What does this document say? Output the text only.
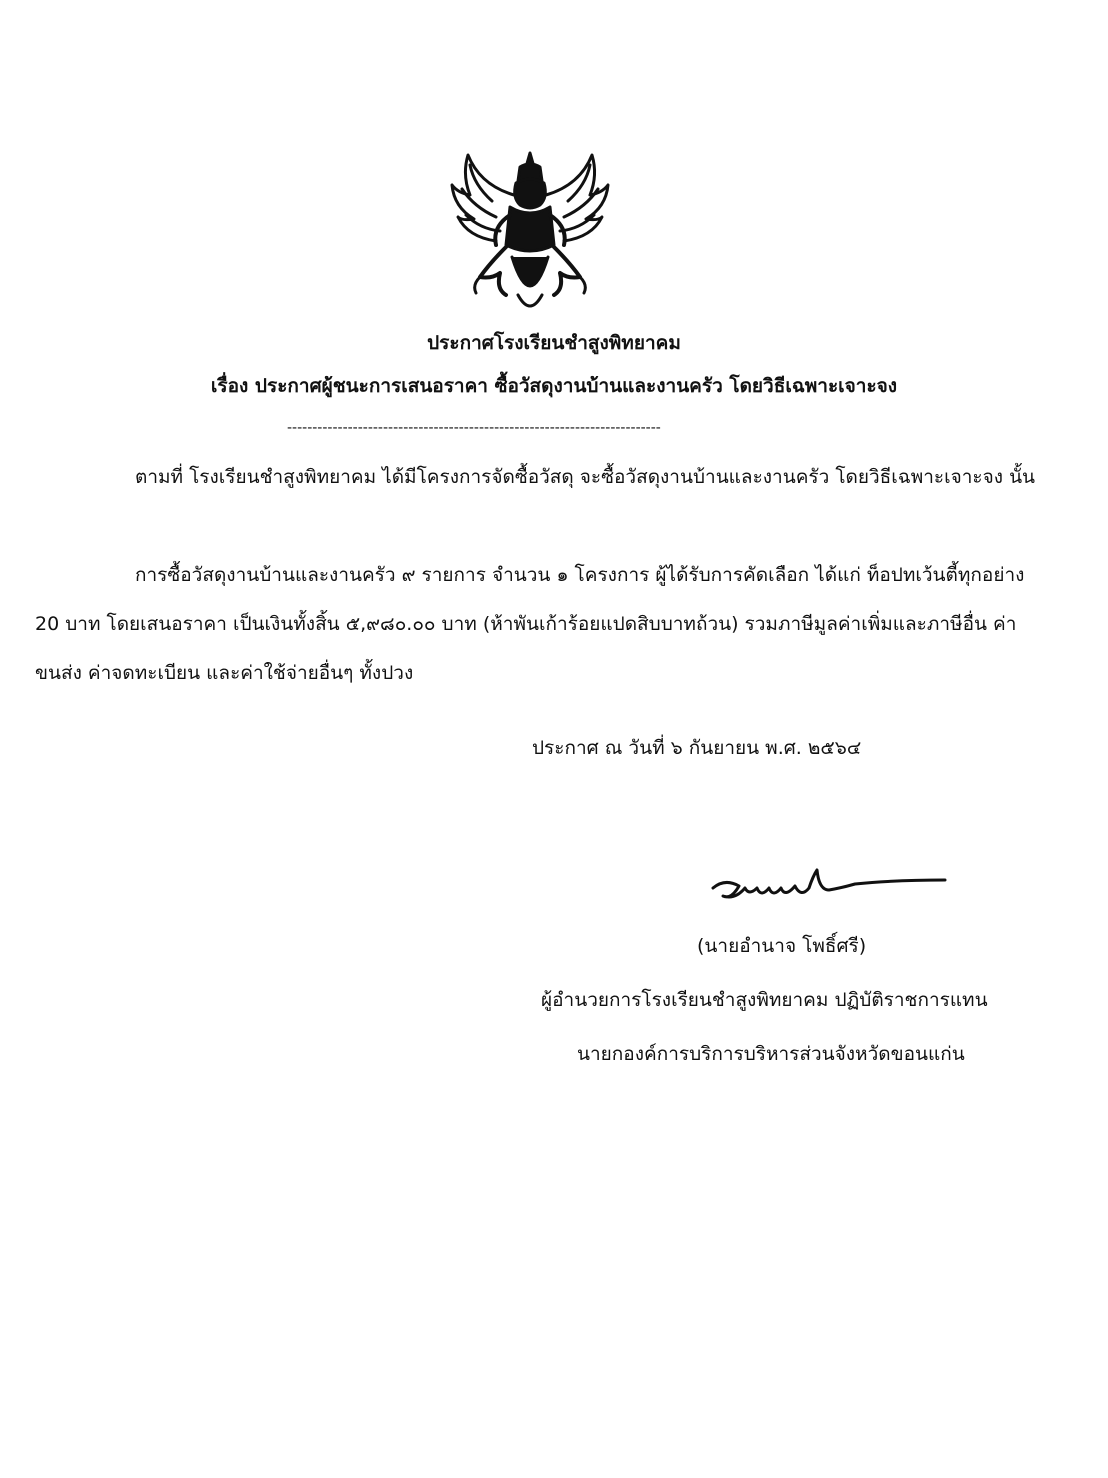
ประกาศโรงเรียนชำสูงพิทยาคม
เรื่อง ประกาศผู้ชนะการเสนอราคา ซื้อวัสดุงานบ้านและงานครัว โดยวิธีเฉพาะเจาะจง
--------------------------------------------------------------------------
ตามที่ โรงเรียนชำสูงพิทยาคม ได้มีโครงการจัดซื้อวัสดุ จะซื้อวัสดุงานบ้านและงานครัว โดยวิธีเฉพาะเจาะจง นั้น
การซื้อวัสดุงานบ้านและงานครัว ๙ รายการ จำนวน ๑ โครงการ ผู้ได้รับการคัดเลือก ได้แก่ ท็อปทเว้นตี้ทุกอย่าง 20 บาท โดยเสนอราคา เป็นเงินทั้งสิ้น ๕,๙๘๐.๐๐ บาท (ห้าพันเก้าร้อยแปดสิบบาทถ้วน) รวมภาษีมูลค่าเพิ่มและภาษีอื่น ค่าขนส่ง ค่าจดทะเบียน และค่าใช้จ่ายอื่นๆ ทั้งปวง
ประกาศ ณ วันที่ ๖ กันยายน พ.ศ. ๒๕๖๔
(นายอำนาจ โพธิ์ศรี)
ผู้อำนวยการโรงเรียนชำสูงพิทยาคม ปฏิบัติราชการแทน
นายกองค์การบริการบริหารส่วนจังหวัดขอนแก่น
